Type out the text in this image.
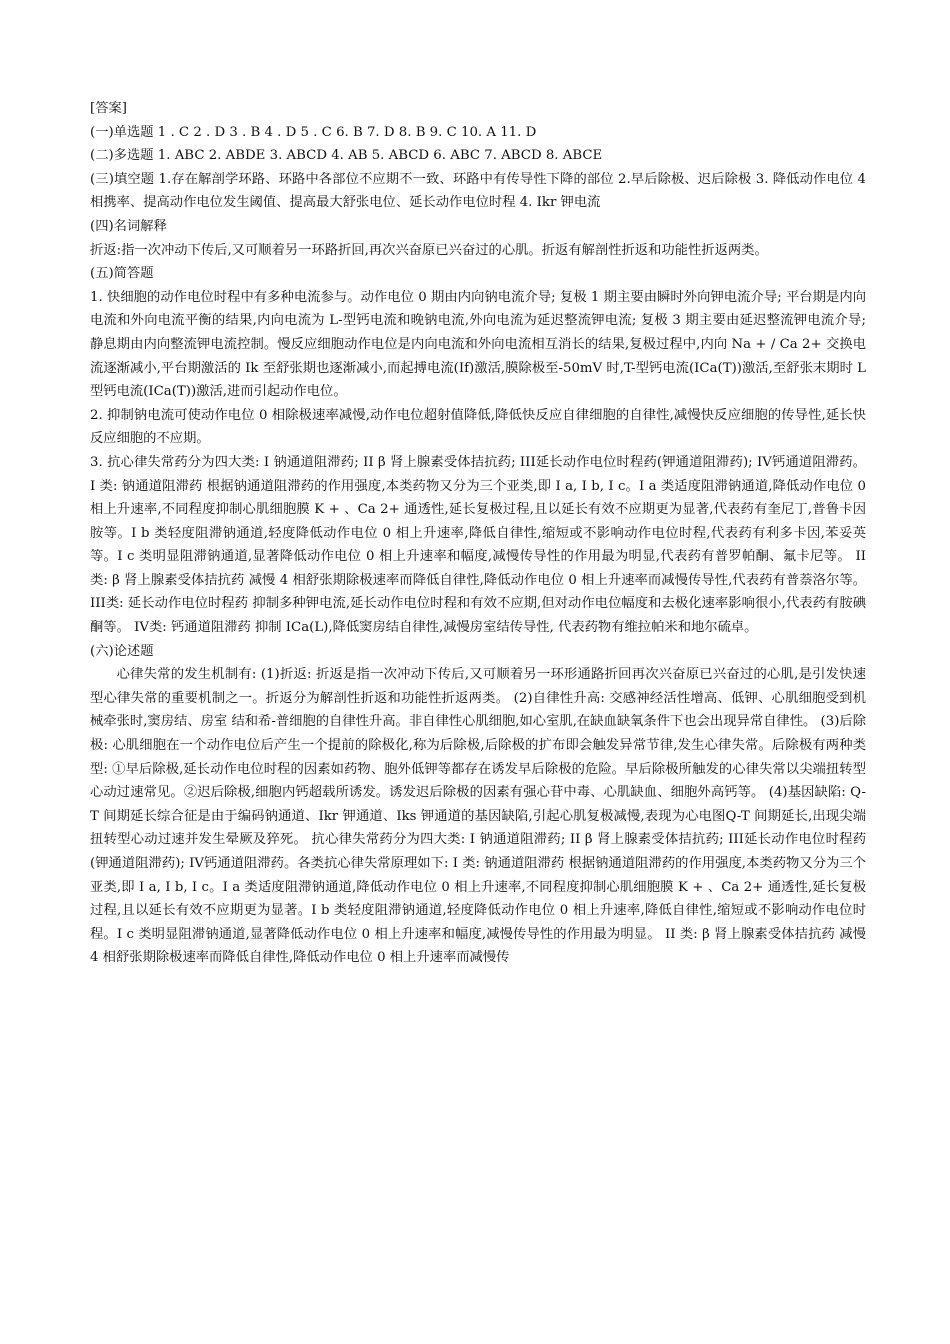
[答案]

(一)单选题 1 . C 2 . D 3 . B 4 . D 5 . C 6. B 7. D 8. B 9. C 10. A 11. D

(二)多选题 1. ABC 2. ABDE 3. ABCD 4. AB 5. ABCD 6. ABC 7. ABCD 8. ABCE

(三)填空题 1.存在解剖学环路、环路中各部位不应期不一致、环路中有传导性下降的部位 2.早后除极、迟后除极 3. 降低动作电位 4 相携率、提高动作电位发生阈值、提高最大舒张电位、延长动作电位时程 4. Ikr 钾电流

(四)名词解释

折返:指一次冲动下传后,又可顺着另一环路折回,再次兴奋原已兴奋过的心肌。折返有解剖性折返和功能性折返两类。

(五)简答题

1. 快细胞的动作电位时程中有多种电流参与。动作电位 0 期由内向钠电流介导; 复极 1 期主要由瞬时外向钾电流介导; 平台期是内向电流和外向电流平衡的结果,内向电流为 L-型钙电流和晚钠电流,外向电流为延迟整流钾电流; 复极 3 期主要由延迟整流钾电流介导; 静息期由内向整流钾电流控制。慢反应细胞动作电位是内向电流和外向电流相互消长的结果,复极过程中,内向 Na + / Ca 2+ 交换电流逐渐减小,平台期激活的 Ik 至舒张期也逐渐减小,而起搏电流(If)激活,膜除极至-50mV 时,T-型钙电流(ICa(T))激活,至舒张末期时 L 型钙电流(ICa(T))激活,进而引起动作电位。

2. 抑制钠电流可使动作电位 0 相除极速率减慢,动作电位超射值降低,降低快反应自律细胞的自律性,减慢快反应细胞的传导性,延长快反应细胞的不应期。

3. 抗心律失常药分为四大类: I 钠通道阻滞药; II β 肾上腺素受体拮抗药; III延长动作电位时程药(钾通道阻滞药); IV钙通道阻滞药。 I 类: 钠通道阻滞药 根据钠通道阻滞药的作用强度,本类药物又分为三个亚类,即 I a, I b, I c。I a 类适度阻滞钠通道,降低动作电位 0 相上升速率,不同程度抑制心肌细胞膜 K + 、Ca 2+ 通透性,延长复极过程,且以延长有效不应期更为显著,代表药有奎尼丁,普鲁卡因胺等。I b 类轻度阻滞钠通道,轻度降低动作电位 0 相上升速率,降低自律性,缩短或不影响动作电位时程,代表药有利多卡因,苯妥英等。I c 类明显阻滞钠通道,显著降低动作电位 0 相上升速率和幅度,减慢传导性的作用最为明显,代表药有普罗帕酮、氟卡尼等。 II 类: β 肾上腺素受体拮抗药 减慢 4 相舒张期除极速率而降低自律性,降低动作电位 0 相上升速率而减慢传导性,代表药有普萘洛尔等。 III类: 延长动作电位时程药 抑制多种钾电流,延长动作电位时程和有效不应期,但对动作电位幅度和去极化速率影响很小,代表药有胺碘酮等。 IV类: 钙通道阻滞药 抑制 ICa(L),降低窦房结自律性,减慢房室结传导性, 代表药物有维拉帕米和地尔硫卓。

(六)论述题

心律失常的发生机制有: (1)折返: 折返是指一次冲动下传后,又可顺着另一环形通路折回再次兴奋原已兴奋过的心肌,是引发快速型心律失常的重要机制之一。折返分为解剖性折返和功能性折返两类。 (2)自律性升高: 交感神经活性增高、低钾、心肌细胞受到机械牵张时,窦房结、房室 结和希-普细胞的自律性升高。非自律性心肌细胞,如心室肌,在缺血缺氧条件下也会出现异常自律性。 (3)后除极: 心肌细胞在一个动作电位后产生一个提前的除极化,称为后除极,后除极的扩布即会触发异常节律,发生心律失常。后除极有两种类型: ①早后除极,延长动作电位时程的因素如药物、胞外低钾等都存在诱发早后除极的危险。早后除极所触发的心律失常以尖端扭转型心动过速常见。②迟后除极,细胞内钙超载所诱发。诱发迟后除极的因素有强心苷中毒、心肌缺血、细胞外高钙等。 (4)基因缺陷: Q-T 间期延长综合征是由于编码钠通道、Ikr 钾通道、Iks 钾通道的基因缺陷,引起心肌复极减慢,表现为心电图Q-T 间期延长,出现尖端扭转型心动过速并发生晕厥及猝死。 抗心律失常药分为四大类: I 钠通道阻滞药; II β 肾上腺素受体拮抗药; III延长动作电位时程药(钾通道阻滞药); IV钙通道阻滞药。各类抗心律失常原理如下: I 类: 钠通道阻滞药 根据钠通道阻滞药的作用强度,本类药物又分为三个亚类,即 I a, I b, I c。I a 类适度阻滞钠通道,降低动作电位 0 相上升速率,不同程度抑制心肌细胞膜 K + 、Ca 2+ 通透性,延长复极过程,且以延长有效不应期更为显著。I b 类轻度阻滞钠通道,轻度降低动作电位 0 相上升速率,降低自律性,缩短或不影响动作电位时程。I c 类明显阻滞钠通道,显著降低动作电位 0 相上升速率和幅度,减慢传导性的作用最为明显。 II 类: β 肾上腺素受体拮抗药 减慢 4 相舒张期除极速率而降低自律性,降低动作电位 0 相上升速率而减慢传
